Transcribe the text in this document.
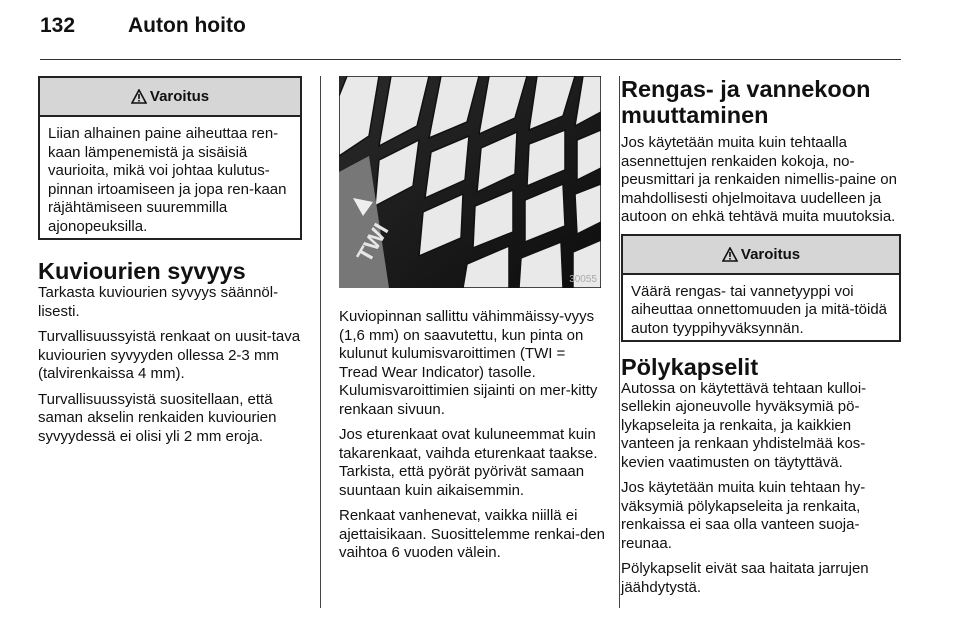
132	Auton hoito
Varoitus

Liian alhainen paine aiheuttaa ren-kaan lämpenemistä ja sisäisiä vaurioita, mikä voi johtaa kulutus-pinnan irtoamiseen ja jopa ren-kaan räjähtämiseen suuremmilla ajonopeuksilla.

Kuviourien syvyys

Tarkasta kuviourien syvyys säännöl-lisesti.

Turvallisuussyistä renkaat on uusit-tava kuviourien syvyyden ollessa 2-3 mm (talvirenkaissa 4 mm).

Turvallisuussyistä suositellaan, että saman akselin renkaiden kuviourien syvyydessä ei olisi yli 2 mm eroja.

TWI
30055

Kuviopinnan sallittu vähimmäissy-vyys (1,6 mm) on saavutettu, kun pinta on kulunut kulumisvaroittimen (TWI = Tread Wear Indicator) tasolle. Kulumisvaroittimien sijainti on mer-kitty renkaan sivuun.

Jos eturenkaat ovat kuluneemmat kuin takarenkaat, vaihda eturenkaat taakse. Tarkista, että pyörät pyörivät samaan suuntaan kuin aikaisemmin.

Renkaat vanhenevat, vaikka niillä ei ajettaisikaan. Suosittelemme renkai-den vaihtoa 6 vuoden välein.

Rengas- ja vannekoon muuttaminen

Jos käytetään muita kuin tehtaalla asennettujen renkaiden kokoja, no-peusmittari ja renkaiden nimellis-paine on mahdollisesti ohjelmoitava uudelleen ja autoon on ehkä tehtävä muita muutoksia.

Varoitus

Väärä rengas- tai vannetyyppi voi aiheuttaa onnettomuuden ja mitä-töidä auton tyyppihyväksynnän.

Pölykapselit

Autossa on käytettävä tehtaan kulloi-sellekin ajoneuvolle hyväksymiä pö-lykapseleita ja renkaita, ja kaikkien vanteen ja renkaan yhdistelmää kos-kevien vaatimusten on täytyttävä.

Jos käytetään muita kuin tehtaan hy-väksymiä pölykapseleita ja renkaita, renkaissa ei saa olla vanteen suoja-reunaa.

Pölykapselit eivät saa haitata jarrujen jäähdytystä.
